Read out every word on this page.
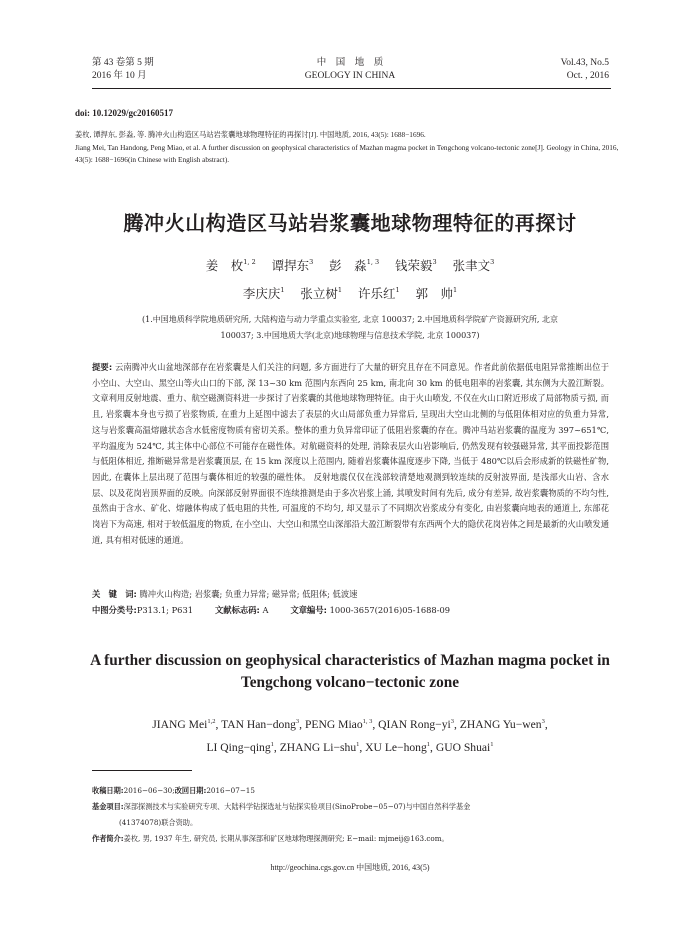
第 43 卷第 5 期
2016 年 10 月
中　国　地　质
GEOLOGY IN CHINA
Vol.43, No.5
Oct. , 2016
doi: 10.12029/gc20160517
姜枚, 谭捍东, 彭淼, 等. 腾冲火山构造区马站岩浆囊地球物理特征的再探讨[J]. 中国地质, 2016, 43(5): 1688−1696.
Jiang Mei, Tan Handong, Peng Miao, et al. A further discussion on geophysical characteristics of Mazhan magma pocket in Tengchong volcano-tectonic zone[J]. Geology in China, 2016, 43(5): 1688−1696(in Chinese with English abstract).
腾冲火山构造区马站岩浆囊地球物理特征的再探讨
姜　枚$^{1, 2}$ 谭捍东$^3$ 彭　淼$^{1, 3}$ 钱荣毅$^3$ 张聿文$^3$
李庆庆$^1$ 张立树$^1$ 许乐红$^1$ 郭　帅$^1$
(1.中国地质科学院地质研究所, 大陆构造与动力学重点实验室, 北京 100037; 2.中国地质科学院矿产资源研究所, 北京
100037; 3.中国地质大学(北京)地球物理与信息技术学院, 北京 100037)
提要: 云南腾冲火山盆地深部存在岩浆囊是人们关注的问题, 多方面进行了大量的研究且存在不同意见。作者此前依据低电阻异常推断出位于小空山、大空山、黑空山等火山口的下部, 深 13~30 km 范围内东西向 25 km, 南北向 30 km 的低电阻率的岩浆囊, 其东侧为大盈江断裂。文章利用反射地震、重力、航空磁测资料进一步探讨了岩浆囊的其他地球物理特征。由于火山喷发, 不仅在火山口附近形成了局部物质亏损, 而且, 岩浆囊本身也亏损了岩浆物质, 在重力上延图中滤去了表层的火山局部负重力异常后, 呈现出大空山北侧的与低阻体相对应的负重力异常, 这与岩浆囊高温熔融状态含水低密度物质有密切关系。整体的重力负异常印证了低阻岩浆囊的存在。腾冲马站岩浆囊的温度为 397~651℃, 平均温度为 524℃, 其主体中心部位不可能存在磁性体。对航磁资料的处理, 消除表层火山岩影响后, 仍然发现有较强磁异常, 其平面投影范围与低阻体相近, 推断磁异常是岩浆囊顶层, 在 15 km 深度以上范围内, 随着岩浆囊体温度逐步下降, 当低于 480℃以后会形成新的铁磁性矿物, 因此, 在囊体上层出现了范围与囊体相近的较强的磁性体。 反射地震仅仅在浅部较清楚地观测到较连续的反射波界面, 是浅部火山岩、含水层、以及花岗岩顶界面的反映。向深部反射界面很不连续推测是由于多次岩浆上涌, 其喷发时间有先后, 成分有差异, 故岩浆囊物质的不均匀性, 虽然由于含水、矿化、熔融体构成了低电阻的共性, 可温度的不均匀, 却又显示了不同期次岩浆成分有变化, 由岩浆囊向地表的通道上, 东部花岗岩下为高速, 相对于较低温度的物质, 在小空山、大空山和黑空山深部沿大盈江断裂带有东西两个大的隐伏花岗岩体之间是最新的火山喷发通道, 具有相对低速的通道。
关　键　词: 腾冲火山构造; 岩浆囊; 负重力异常; 磁异常; 低阻体; 低波速
中图分类号:P313.1; P631	文献标志码: A	文章编号: 1000-3657(2016)05-1688-09
A further discussion on geophysical characteristics of Mazhan magma pocket in
Tengchong volcano−tectonic zone
JIANG Mei$^{1,2}$, TAN Han−dong$^3$, PENG Miao$^{1, 3}$, QIAN $Rong-yi^3$, ZHANG Yu−wen$^3$,
LI Qing−qing$^1$, ZHANG Li−shu$^1$, XU Le−hong$^1$, GUO Shuai$^1$
收稿日期:2016−06−30;改回日期:2016−07−15
基金项目:深部探测技术与实验研究专项、大陆科学钻探选址与钻探实验项目(SinoProbe−05−07)与中国自然科学基金
(41374078)联合资助。
作者简介:姜枚, 男, 1937 年生, 研究员, 长期从事深部和矿区地球物理探测研究; E−mail: mjmeij@163.com。
http://geochina.cgs.gov.cn 中国地质, 2016, 43(5)
